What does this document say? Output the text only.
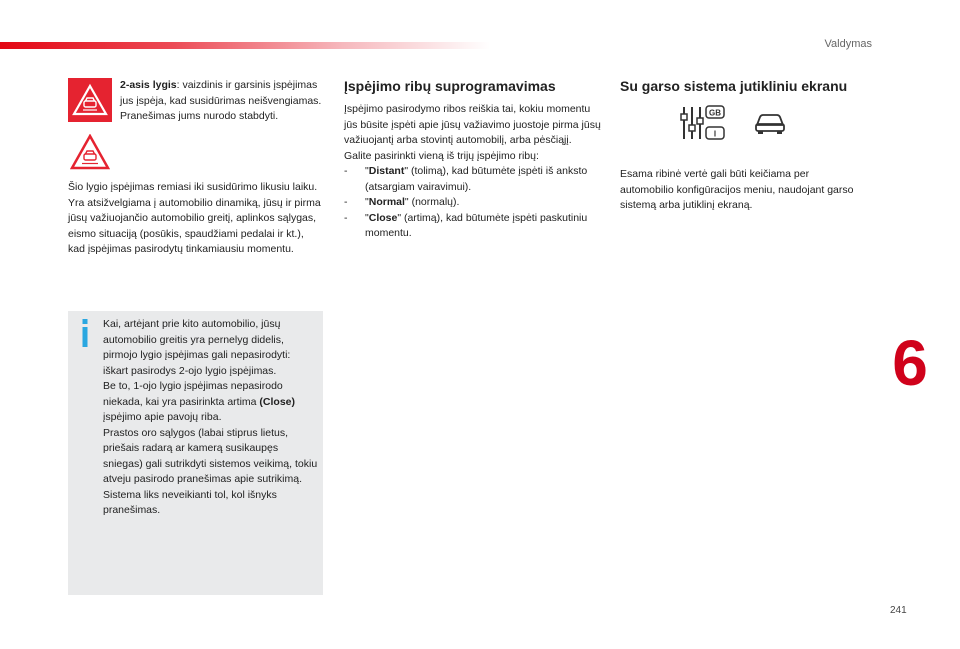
Valdymas
6
241

2-asis lygis: vaizdinis ir garsinis įspėjimas jus įspėja, kad susidūrimas neišvengiamas.

Pranešimas jums nurodo stabdyti.

Šio lygio įspėjimas remiasi iki susidūrimo likusiu laiku. Yra atsižvelgiama į automobilio dinamiką, jūsų ir pirma jūsų važiuojančio automobilio greitį, aplinkos sąlygas, eismo situaciją (posūkis, spaudžiami pedalai ir kt.), kad įspėjimas pasirodytų tinkamiausiu momentu.

Kai, artėjant prie kito automobilio, jūsų automobilio greitis yra pernelyg didelis, pirmojo lygio įspėjimas gali nepasirodyti: iškart pasirodys 2-ojo lygio įspėjimas.

Be to, 1-ojo lygio įspėjimas nepasirodo niekada, kai yra pasirinkta artima (Close) įspėjimo apie pavojų riba.

Prastos oro sąlygos (labai stiprus lietus, priešais radarą ar kamerą susikaupęs sniegas) gali sutrikdyti sistemos veikimą, tokiu atveju pasirodo pranešimas apie sutrikimą. Sistema liks neveikianti tol, kol išnyks pranešimas.

Įspėjimo ribų suprogramavimas

Įspėjimo pasirodymo ribos reiškia tai, kokiu momentu jūs būsite įspėti apie jūsų važiavimo juostoje pirma jūsų važiuojantį arba stovintį automobilį, arba pėsčiąjį.

Galite pasirinkti vieną iš trijų įspėjimo ribų:

- "Distant" (tolimą), kad būtumėte įspėti iš anksto (atsargiam vairavimui).
- "Normal" (normalų).
- "Close" (artimą), kad būtumėte įspėti paskutiniu momentu.
Su garso sistema jutikliniu ekranu
GB
I

Esama ribinė vertė gali būti keičiama per automobilio konfigūracijos meniu, naudojant garso sistemą arba jutiklinį ekraną.
